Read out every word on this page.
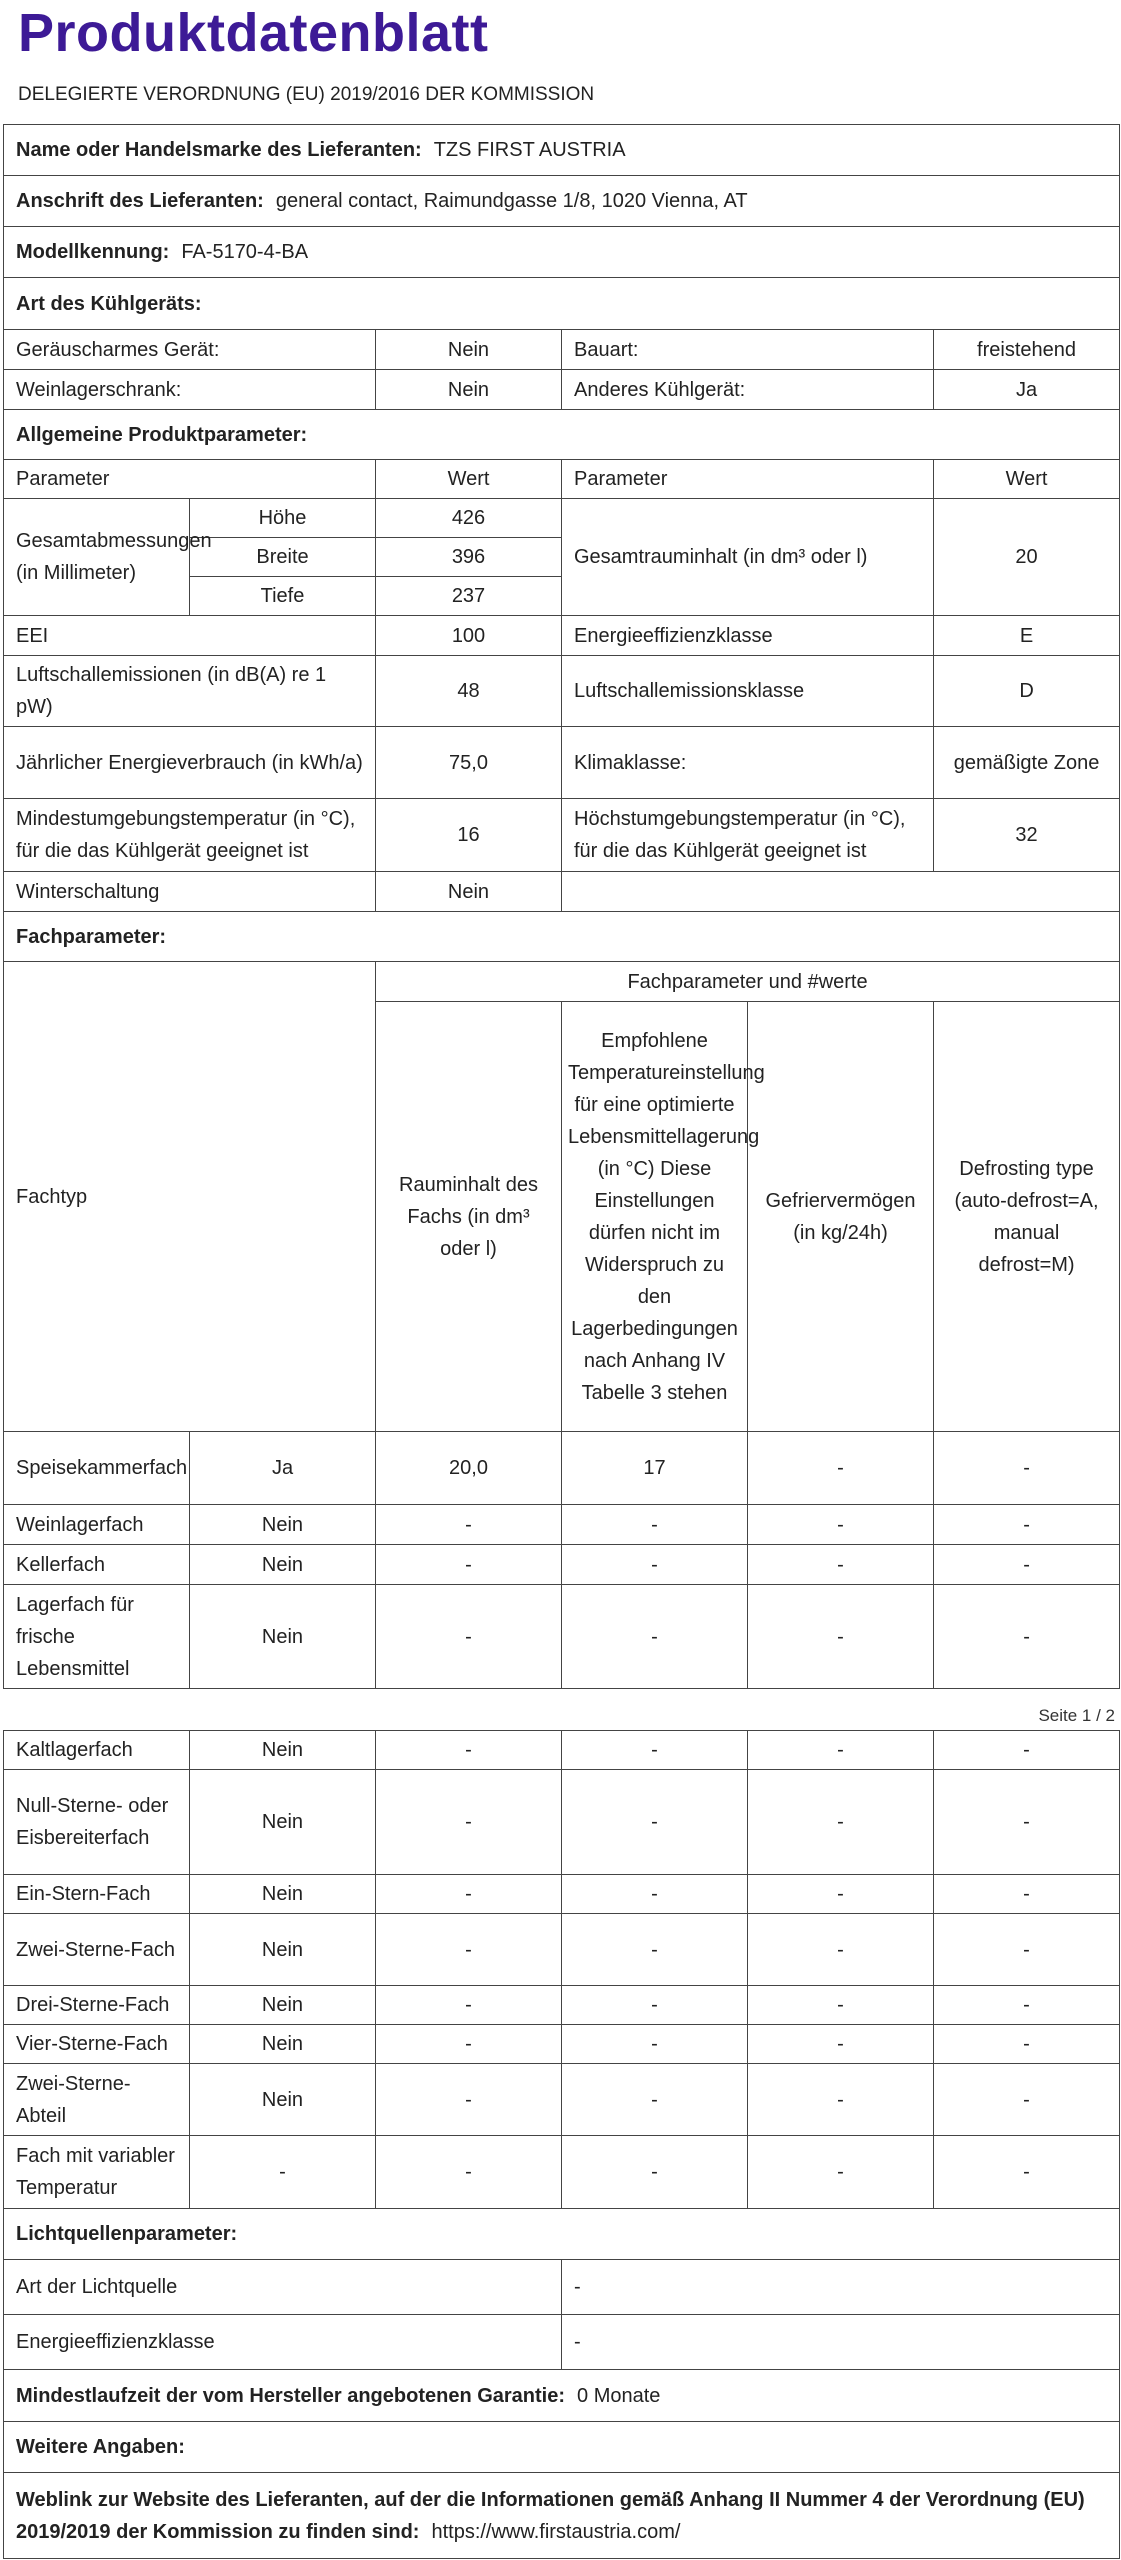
Produktdatenblatt
DELEGIERTE VERORDNUNG (EU) 2019/2016 DER KOMMISSION
Name oder Handelsmarke des Lieferanten: TZS FIRST AUSTRIA					
Anschrift des Lieferanten: general contact, Raimundgasse 1/8, 1020 Vienna, AT					
Modellkennung: FA-5170-4-BA					
Art des Kühlgeräts:					
Geräuscharmes Gerät:		Nein	Bauart:		freistehend
Weinlagerschrank:		Nein	Anderes Kühlgerät:		Ja
Allgemeine Produktparameter:					
Parameter		Wert	Parameter		Wert
Gesamtabmessungen (in Millimeter)	Höhe	426	Gesamtrauminhalt (in dm³ oder l)		20
	Breite	396			
	Tiefe	237			
EEI		100	Energieeffizienzklasse		E
Luftschallemissionen (in dB(A) re 1 pW)		48	Luftschallemissionsklasse		D
Jährlicher Energieverbrauch (in kWh/a)		75,0	Klimaklasse:		gemäßigte Zone
Mindestumgebungstemperatur (in °C), für die das Kühlgerät geeignet ist		16	Höchstumgebungstemperatur (in °C), für die das Kühlgerät geeignet ist		32
Winterschaltung		Nein			
Fachparameter:					
Fachtyp		Fachparameter und #werte			
		Rauminhalt des Fachs (in dm³ oder l)	Empfohlene Temperatureinstellung für eine optimierte Lebensmittellagerung (in °C) Diese Einstellungen dürfen nicht im Widerspruch zu den Lagerbedingungen nach Anhang IV Tabelle 3 stehen	Gefriervermögen (in kg/24h)	Defrosting type (auto-defrost=A, manual defrost=M)
Speisekammerfach	Ja	20,0	17	-	-
Weinlagerfach	Nein	-	-	-	-
Kellerfach	Nein	-	-	-	-
Lagerfach für frische Lebensmittel	Nein	-	-	-	-
Seite 1 / 2
Kaltlagerfach	Nein	-	-	-	-
Null-Sterne- oder Eisbereiterfach	Nein	-	-	-	-
Ein-Stern-Fach	Nein	-	-	-	-
Zwei-Sterne-Fach	Nein	-	-	-	-
Drei-Sterne-Fach	Nein	-	-	-	-
Vier-Sterne-Fach	Nein	-	-	-	-
Zwei-Sterne-Abteil	Nein	-	-	-	-
Fach mit variabler Temperatur	-	-	-	-	-
Lichtquellenparameter:					
Art der Lichtquelle			-		
Energieeffizienzklasse			-		
Mindestlaufzeit der vom Hersteller angebotenen Garantie: 0 Monate					
Weitere Angaben:					
Weblink zur Website des Lieferanten, auf der die Informationen gemäß Anhang II Nummer 4 der Verordnung (EU) 2019/2019 der Kommission zu finden sind: https://www.firstaustria.com/					
